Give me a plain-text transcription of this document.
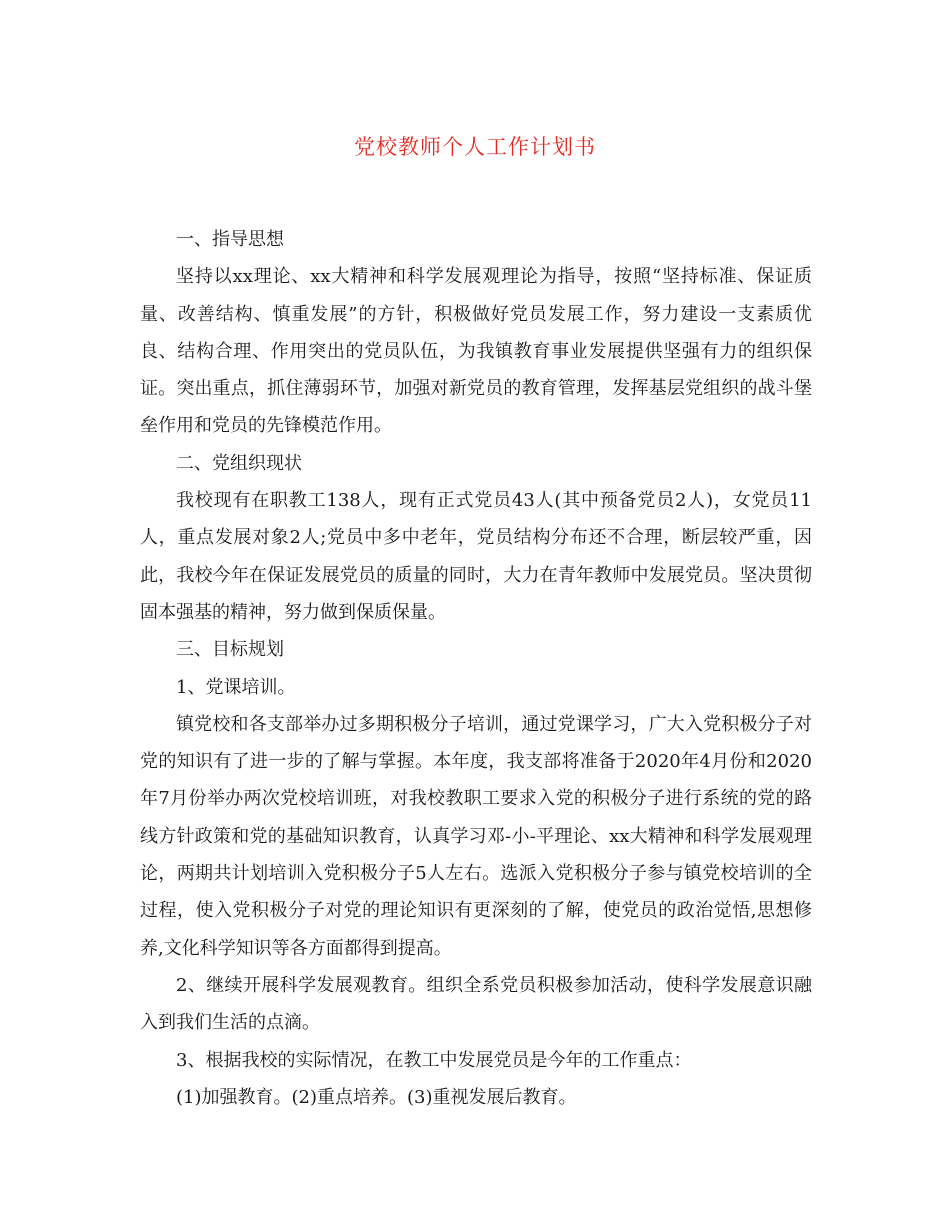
党校教师个人工作计划书

一、指导思想

坚持以xx理论、xx大精神和科学发展观理论为指导，按照“坚持标准、保证质量、改善结构、慎重发展”的方针，积极做好党员发展工作，努力建设一支素质优良、结构合理、作用突出的党员队伍，为我镇教育事业发展提供坚强有力的组织保证。突出重点，抓住薄弱环节，加强对新党员的教育管理，发挥基层党组织的战斗堡垒作用和党员的先锋模范作用。

二、党组织现状

我校现有在职教工138人，现有正式党员43人(其中预备党员2人)，女党员11人，重点发展对象2人;党员中多中老年，党员结构分布还不合理，断层较严重，因此，我校今年在保证发展党员的质量的同时，大力在青年教师中发展党员。坚决贯彻固本强基的精神，努力做到保质保量。

三、目标规划

1、党课培训。

镇党校和各支部举办过多期积极分子培训，通过党课学习，广大入党积极分子对党的知识有了进一步的了解与掌握。本年度，我支部将准备于2020年4月份和2020年7月份举办两次党校培训班，对我校教职工要求入党的积极分子进行系统的党的路线方针政策和党的基础知识教育，认真学习邓-小-平理论、xx大精神和科学发展观理论，两期共计划培训入党积极分子5人左右。选派入党积极分子参与镇党校培训的全过程，使入党积极分子对党的理论知识有更深刻的了解，使党员的政治觉悟,思想修养,文化科学知识等各方面都得到提高。

2、继续开展科学发展观教育。组织全系党员积极参加活动，使科学发展意识融入到我们生活的点滴。

3、根据我校的实际情况，在教工中发展党员是今年的工作重点：

(1)加强教育。(2)重点培养。(3)重视发展后教育。
